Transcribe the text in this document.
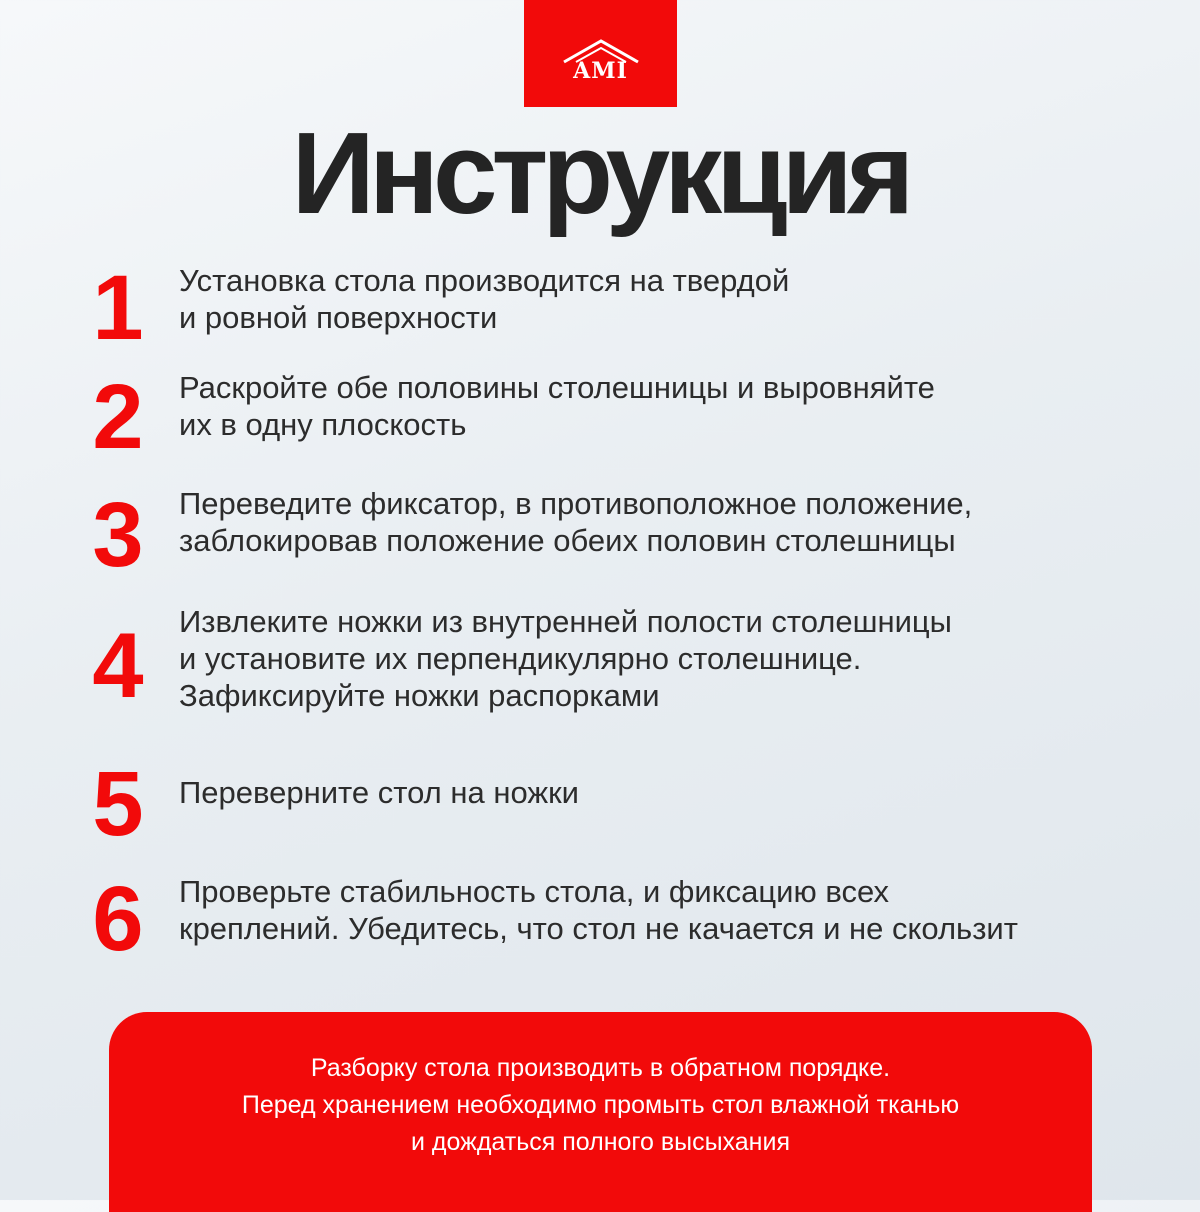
AMI
Инструкция
1	Установка стола производится на твердой
и ровной поверхности
2	Раскройте обе половины столешницы и выровняйте
их в одну плоскость
3	Переведите фиксатор, в противоположное положение,
заблокировав положение обеих половин столешницы
4	Извлеките ножки из внутренней полости столешницы
и установите их перпендикулярно столешнице.
Зафиксируйте ножки распорками
5	Переверните стол на ножки
6	Проверьте стабильность стола, и фиксацию всех
креплений. Убедитесь, что стол не качается и не скользит
Разборку стола производить в обратном порядке.
Перед хранением необходимо промыть стол влажной тканью
и дождаться полного высыхания
